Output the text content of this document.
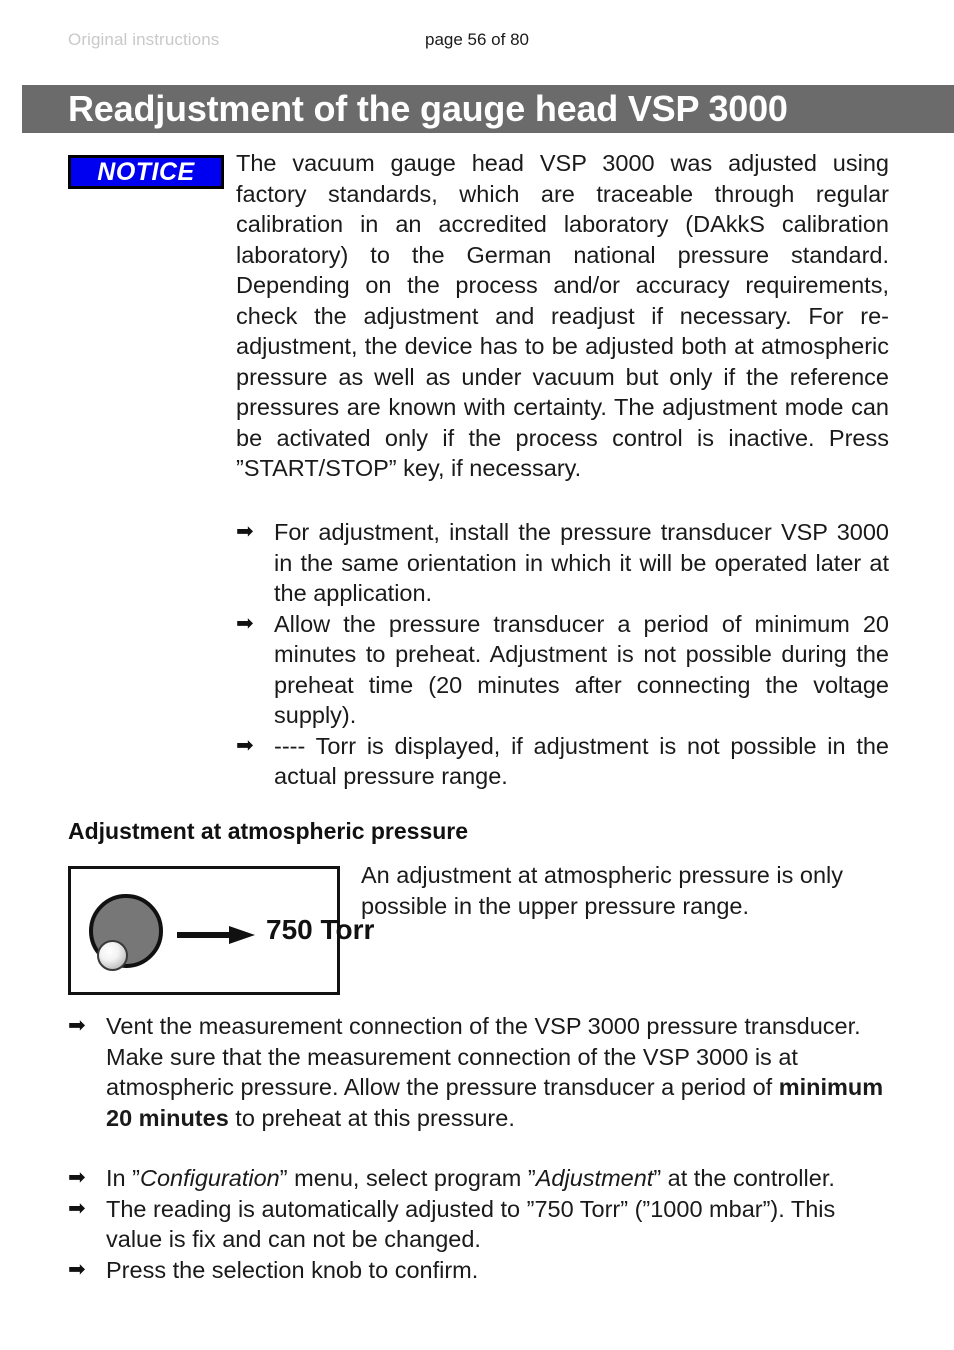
Original instructions	page 56 of 80
Readjustment of the gauge head VSP 3000
NOTICE	The vacuum gauge head VSP 3000 was adjusted using factory standards, which are traceable through regular calibration in an accredited laboratory (DAkkS calibration laboratory) to the German national pressure standard. Depending on the process and/or accuracy requirements, check the adjustment and readjust if necessary. For re-adjustment, the device has to be adjusted both at atmospheric pressure as well as under vacuum but only if the reference pressures are known with certainty. The adjustment mode can be activated only if the process control is inactive. Press ”START/STOP” key, if necessary.
➡ For adjustment, install the pressure transducer VSP 3000 in the same orientation in which it will be operated later at the application.
➡ Allow the pressure transducer a period of minimum 20 minutes to preheat. Adjustment is not possible during the preheat time (20 minutes after connecting the voltage supply).
➡ ---- Torr is displayed, if adjustment is not possible in the actual pressure range.
Adjustment at atmospheric pressure
750 Torr
An adjustment at atmospheric pressure is only possible in the upper pressure range.
➡ Vent the measurement connection of the VSP 3000 pressure transducer. Make sure that the measurement connection of the VSP 3000 is at atmospheric pressure. Allow the pressure transducer a period of minimum 20 minutes to preheat at this pressure.
➡ In ”Configuration” menu, select program ”Adjustment” at the controller.
➡ The reading is automatically adjusted to ”750 Torr” (”1000 mbar”). This value is fix and can not be changed.
➡ Press the selection knob to confirm.
